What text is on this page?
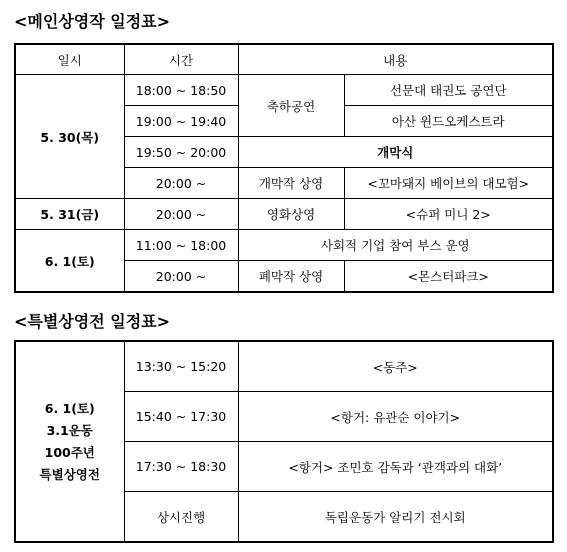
<메인상영작 일정표>
일시	시간	내용	
5. 30(목)	18:00 ~ 18:50	축하공연	선문대 태권도 공연단
	19:00 ~ 19:40		아산 윈드오케스트라
	19:50 ~ 20:00	개막식	
	20:00 ~	개막작 상영	<꼬마돼지 베이브의 대모험>
5. 31(금)	20:00 ~	영화상영	<슈퍼 미니 2>
6. 1(토)	11:00 ~ 18:00	사회적 기업 참여 부스 운영	
	20:00 ~	폐막작 상영	<몬스터파크>
<특별상영전 일정표>
6. 1(토)
3.1운동
100주년
특별상영전	13:30 ~ 15:20	<동주>
	15:40 ~ 17:30	<항거: 유관순 이야기>
	17:30 ~ 18:30	<항거> 조민호 감독과 ‘관객과의 대화’
	상시진행	독립운동가 알리기 전시회
